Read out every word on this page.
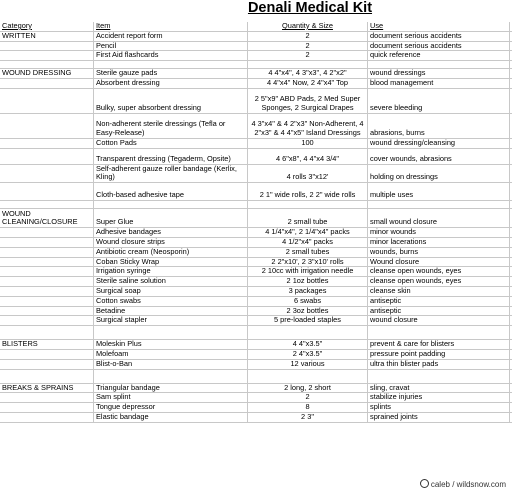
Denali Medical Kit
Category	Item	Quantity & Size	Use	
WRITTEN	Accident report form	2	document serious accidents	
	Pencil	2	document serious accidents	
	First Aid flashcards	2	quick reference	

WOUND DRESSING	Sterile gauze pads	4 4"x4", 4 3"x3", 4 2"x2"	wound dressings	
	Absorbent dressing	4 4"x4" Now, 2 4"x4" Top	blood management	
	Bulky, super absorbent dressing	2 5"x9" ABD Pads, 2 Med Super Sponges, 2 Surgical Drapes	severe bleeding	
	Non-adherent sterile dressings (Tefla or Easy-Release)	4 3"x4" & 4 2"x3" Non-Adherent, 4 2"x3" & 4 4"x5" Island Dressings	abrasions, burns	
	Cotton Pads	100	wound dressing/cleansing	
	Transparent dressing (Tegaderm, Opsite)	4 6"x8", 4 4"x4 3/4"	cover wounds, abrasions	
	Self-adherent gauze roller bandage (Kerlix, Kling)	4 rolls 3"x12'	holding on dressings	
	Cloth-based adhesive tape	2 1" wide rolls, 2 2" wide rolls	multiple uses	

WOUND CLEANING/CLOSURE	Super Glue	2 small tube	small wound closure	
	Adhesive bandages	4 1/4"x4", 2 1/4"x4" packs	minor wounds	
	Wound closure strips	4 1/2"x4" packs	minor lacerations	
	Antibiotic cream (Neosporin)	2 small tubes	wounds, burns	
	Coban Sticky Wrap	2 2"x10', 2 3"x10' rolls	Wound closure	
	Irrigation syringe	2 10cc with irrigation needle	cleanse open wounds, eyes	
	Sterile saline solution	2 1oz bottles	cleanse open wounds, eyes	
	Surgical soap	3 packages	cleanse skin	
	Cotton swabs	6 swabs	antiseptic	
	Betadine	2 3oz bottles	antiseptic	
	Surgical stapler	5 pre-loaded staples	wound closure	

BLISTERS	Moleskin Plus	4 4"x3.5"	prevent & care for blisters	
	Molefoam	2 4"x3.5"	pressure point padding	
	Blist-o-Ban	12 various	ultra thin blister pads	

BREAKS & SPRAINS	Triangular bandage	2 long, 2 short	sling, cravat	
	Sam splint	2	stabilize injuries	
	Tongue depressor	8	splints	
	Elastic bandage	2 3"	sprained joints	
caleb / wildsnow.com
